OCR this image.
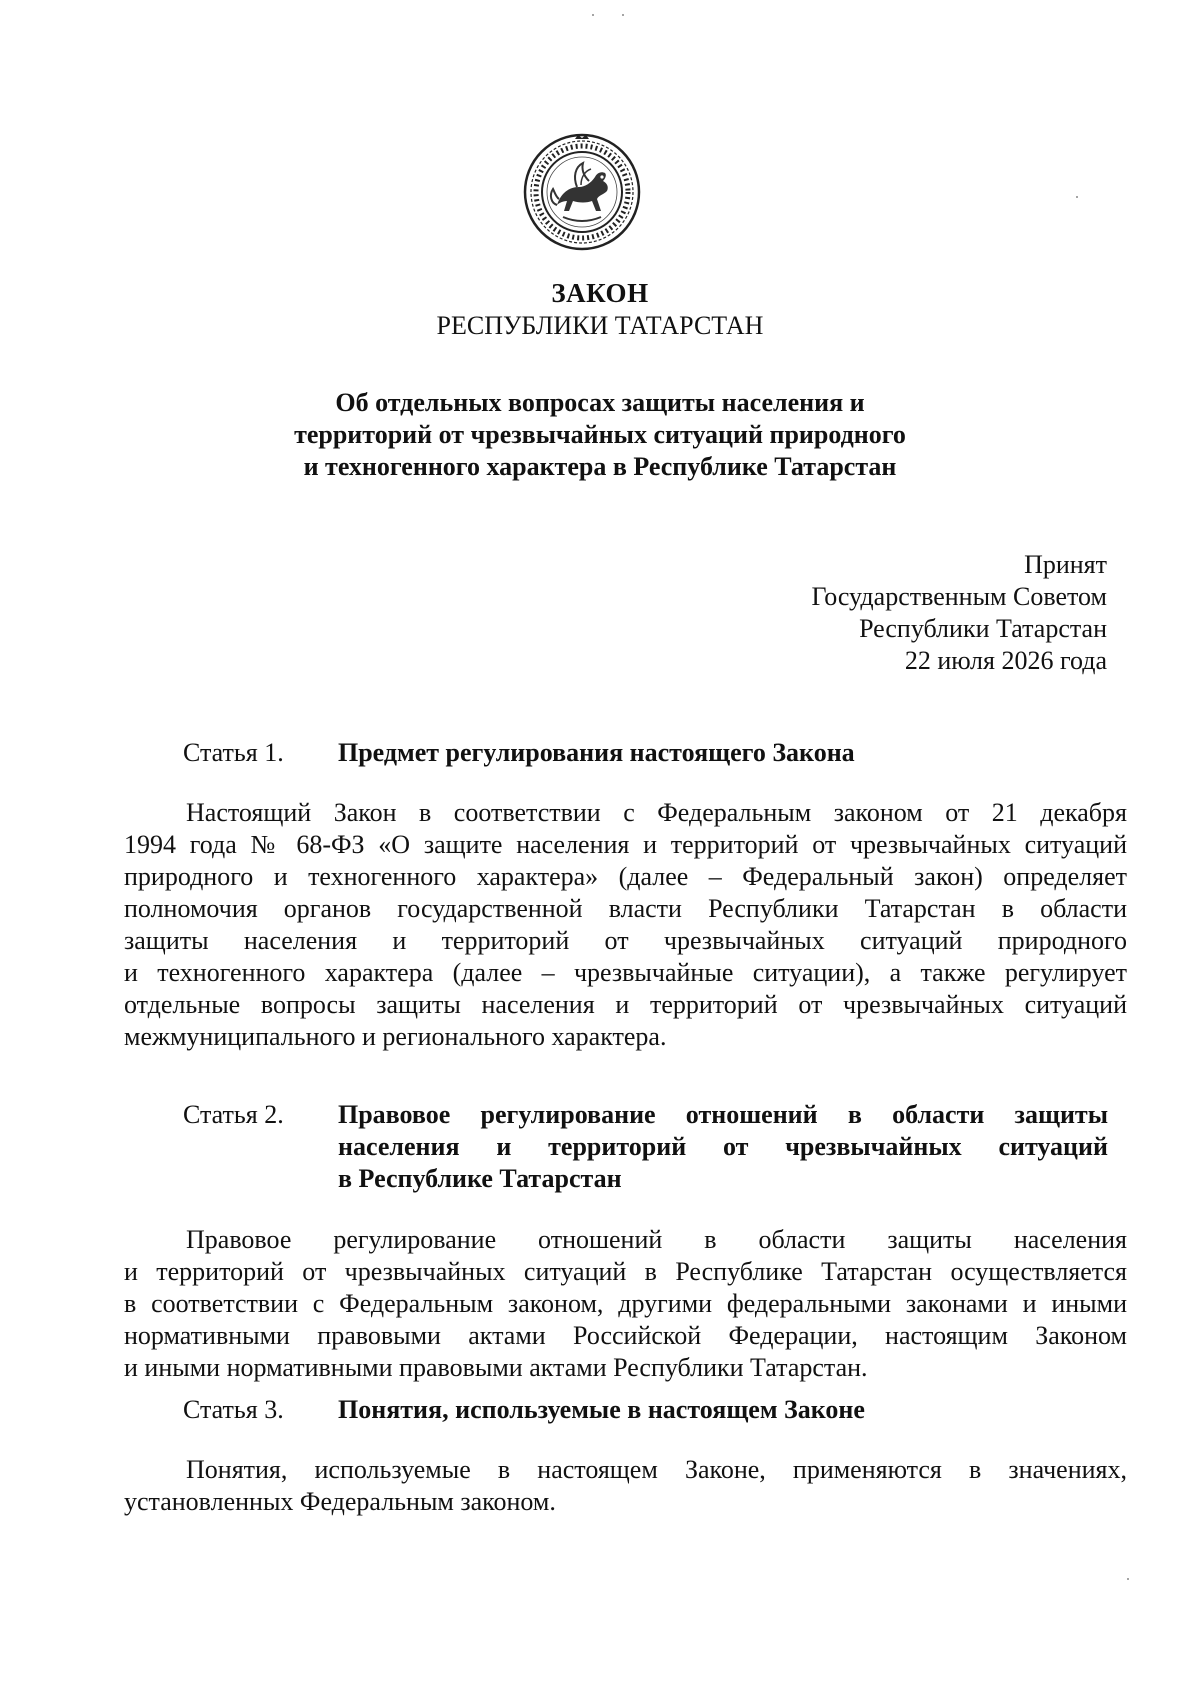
ЗАКОН
РЕСПУБЛИКИ ТАТАРСТАН
Об отдельных вопросах защиты населения и
территорий от чрезвычайных ситуаций природного
и техногенного характера в Республике Татарстан
Принят
Государственным Советом
Республики Татарстан
22 июля 2026 года
Статья 1. Предмет регулирования настоящего Закона
Настоящий Закон в соответствии с Федеральным законом от 21 декабря
1994 года № 68-ФЗ «О защите населения и территорий от чрезвычайных ситуаций
природного и техногенного характера» (далее – Федеральный закон) определяет
полномочия органов государственной власти Республики Татарстан в области
защиты населения и территорий от чрезвычайных ситуаций природного
и техногенного характера (далее – чрезвычайные ситуации), а также регулирует
отдельные вопросы защиты населения и территорий от чрезвычайных ситуаций
межмуниципального и регионального характера.
Статья 2. Правовое регулирование отношений в области защиты
населения и территорий от чрезвычайных ситуаций
в Республике Татарстан
Правовое регулирование отношений в области защиты населения
и территорий от чрезвычайных ситуаций в Республике Татарстан осуществляется
в соответствии с Федеральным законом, другими федеральными законами и иными
нормативными правовыми актами Российской Федерации, настоящим Законом
и иными нормативными правовыми актами Республики Татарстан.
Статья 3. Понятия, используемые в настоящем Законе
Понятия, используемые в настоящем Законе, применяются в значениях,
установленных Федеральным законом.
